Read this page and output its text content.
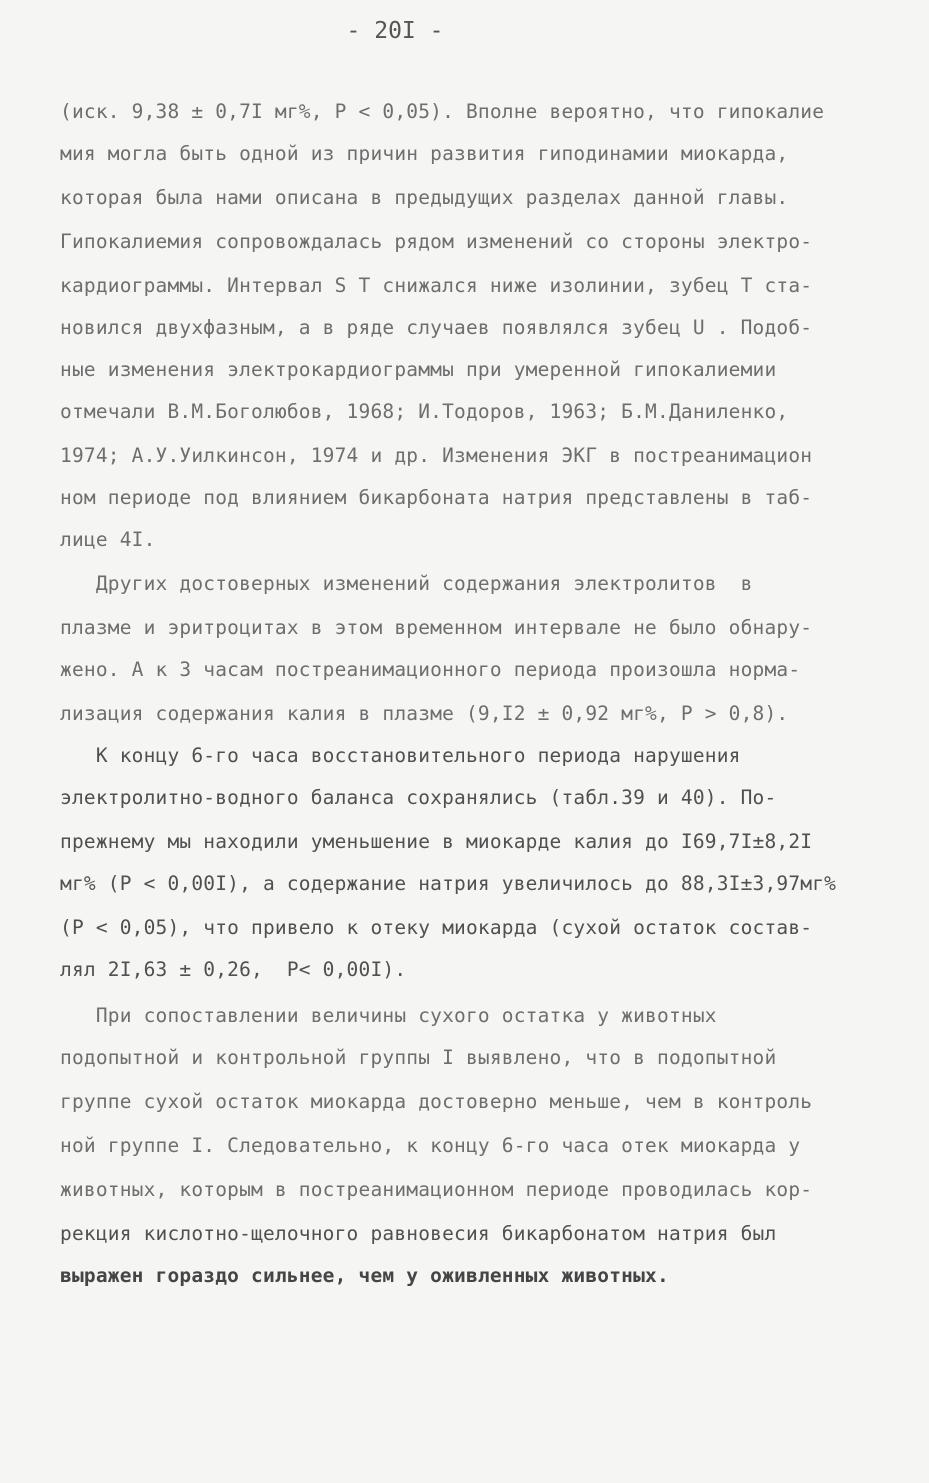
- 20I -
(иск. 9,38 ± 0,7I мг%, P < 0,05). Вполне вероятно, что гипокалие
мия могла быть одной из причин развития гиподинамии миокарда,
которая была нами описана в предыдущих разделах данной главы.
Гипокалиемия сопровождалась рядом изменений со стороны электро-
кардиограммы. Интервал S T снижался ниже изолинии, зубец T ста-
новился двухфазным, а в ряде случаев появлялся зубец U . Подоб-
ные изменения электрокардиограммы при умеренной гипокалиемии
отмечали В.М.Боголюбов, 1968; И.Тодоров, 1963; Б.М.Даниленко,
1974; А.У.Уилкинсон, 1974 и др. Изменения ЭКГ в постреанимацион
ном периоде под влиянием бикарбоната натрия представлены в таб-
лице 4I.
Других достоверных изменений содержания электролитов  в
плазме и эритроцитах в этом временном интервале не было обнару-
жено. А к 3 часам постреанимационного периода произошла норма-
лизация содержания калия в плазме (9,I2 ± 0,92 мг%, P > 0,8).
К концу 6-го часа восстановительного периода нарушения
электролитно-водного баланса сохранялись (табл.39 и 40). По-
прежнему мы находили уменьшение в миокарде калия до I69,7I±8,2I
мг% (P < 0,00I), а содержание натрия увеличилось до 88,3I±3,97мг%
(P < 0,05), что привело к отеку миокарда (сухой остаток состав-
лял 2I,63 ± 0,26,  P< 0,00I).
При сопоставлении величины сухого остатка у животных
подопытной и контрольной группы I выявлено, что в подопытной
группе сухой остаток миокарда достоверно меньше, чем в контроль
ной группе I. Следовательно, к концу 6-го часа отек миокарда у
животных, которым в постреанимационном периоде проводилась кор-
рекция кислотно-щелочного равновесия бикарбонатом натрия был
выражен гораздо сильнее, чем у оживленных животных.
